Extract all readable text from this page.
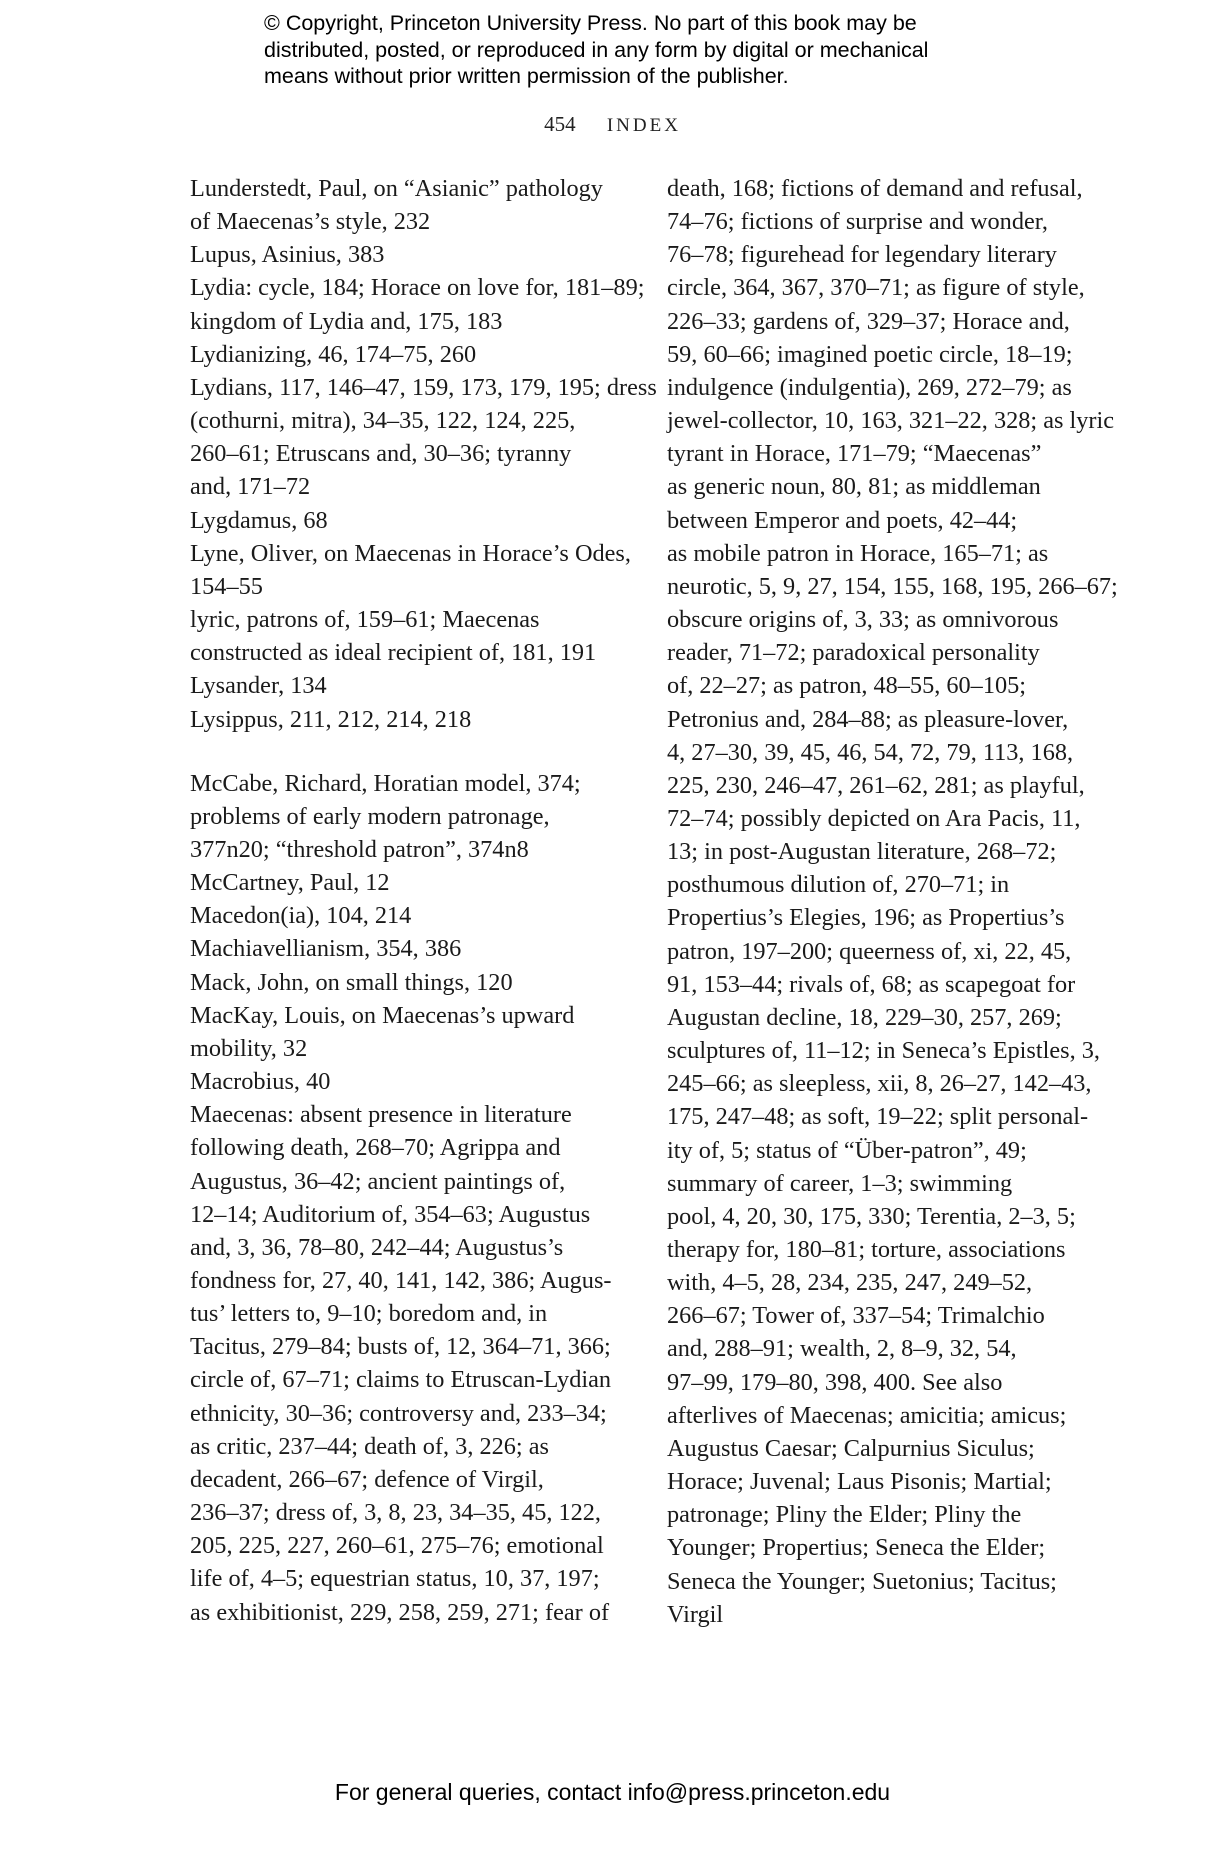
© Copyright, Princeton University Press. No part of this book may be
distributed, posted, or reproduced in any form by digital or mechanical
means without prior written permission of the publisher.
454 INDEX

Lunderstedt, Paul, on “Asianic” pathology
of Maecenas’s style, 232

Lupus, Asinius, 383

Lydia: cycle, 184; Horace on love for, 181–89;
kingdom of Lydia and, 175, 183

Lydianizing, 46, 174–75, 260

Lydians, 117, 146–47, 159, 173, 179, 195; dress
(cothurni, mitra), 34–35, 122, 124, 225,
260–61; Etruscans and, 30–36; tyranny
and, 171–72

Lygdamus, 68

Lyne, Oliver, on Maecenas in Horace’s Odes,
154–55

lyric, patrons of, 159–61; Maecenas
constructed as ideal recipient of, 181, 191

Lysander, 134

Lysippus, 211, 212, 214, 218

McCabe, Richard, Horatian model, 374;
problems of early modern patronage,
377n20; “threshold patron”, 374n8

McCartney, Paul, 12

Macedon(ia), 104, 214

Machiavellianism, 354, 386

Mack, John, on small things, 120

MacKay, Louis, on Maecenas’s upward
mobility, 32

Macrobius, 40

Maecenas: absent presence in literature
following death, 268–70; Agrippa and
Augustus, 36–42; ancient paintings of,
12–14; Auditorium of, 354–63; Augustus
and, 3, 36, 78–80, 242–44; Augustus’s
fondness for, 27, 40, 141, 142, 386; Augus-
tus’ letters to, 9–10; boredom and, in
Tacitus, 279–84; busts of, 12, 364–71, 366;
circle of, 67–71; claims to Etruscan-Lydian
ethnicity, 30–36; controversy and, 233–34;
as critic, 237–44; death of, 3, 226; as
decadent, 266–67; defence of Virgil,
236–37; dress of, 3, 8, 23, 34–35, 45, 122,
205, 225, 227, 260–61, 275–76; emotional
life of, 4–5; equestrian status, 10, 37, 197;
as exhibitionist, 229, 258, 259, 271; fear of

death, 168; fictions of demand and refusal,
74–76; fictions of surprise and wonder,
76–78; figurehead for legendary literary
circle, 364, 367, 370–71; as figure of style,
226–33; gardens of, 329–37; Horace and,
59, 60–66; imagined poetic circle, 18–19;
indulgence (indulgentia), 269, 272–79; as
jewel-collector, 10, 163, 321–22, 328; as lyric
tyrant in Horace, 171–79; “Maecenas”
as generic noun, 80, 81; as middleman
between Emperor and poets, 42–44;
as mobile patron in Horace, 165–71; as
neurotic, 5, 9, 27, 154, 155, 168, 195, 266–67;
obscure origins of, 3, 33; as omnivorous
reader, 71–72; paradoxical personality
of, 22–27; as patron, 48–55, 60–105;
Petronius and, 284–88; as pleasure-lover,
4, 27–30, 39, 45, 46, 54, 72, 79, 113, 168,
225, 230, 246–47, 261–62, 281; as playful,
72–74; possibly depicted on Ara Pacis, 11,
13; in post-Augustan literature, 268–72;
posthumous dilution of, 270–71; in
Propertius’s Elegies, 196; as Propertius’s
patron, 197–200; queerness of, xi, 22, 45,
91, 153–44; rivals of, 68; as scapegoat for
Augustan decline, 18, 229–30, 257, 269;
sculptures of, 11–12; in Seneca’s Epistles, 3,
245–66; as sleepless, xii, 8, 26–27, 142–43,
175, 247–48; as soft, 19–22; split personal-
ity of, 5; status of “Über-patron”, 49;
summary of career, 1–3; swimming
pool, 4, 20, 30, 175, 330; Terentia, 2–3, 5;
therapy for, 180–81; torture, associations
with, 4–5, 28, 234, 235, 247, 249–52,
266–67; Tower of, 337–54; Trimalchio
and, 288–91; wealth, 2, 8–9, 32, 54,
97–99, 179–80, 398, 400. See also
afterlives of Maecenas; amicitia; amicus;
Augustus Caesar; Calpurnius Siculus;
Horace; Juvenal; Laus Pisonis; Martial;
patronage; Pliny the Elder; Pliny the
Younger; Propertius; Seneca the Elder;
Seneca the Younger; Suetonius; Tacitus;
Virgil
For general queries, contact info@press.princeton.edu
